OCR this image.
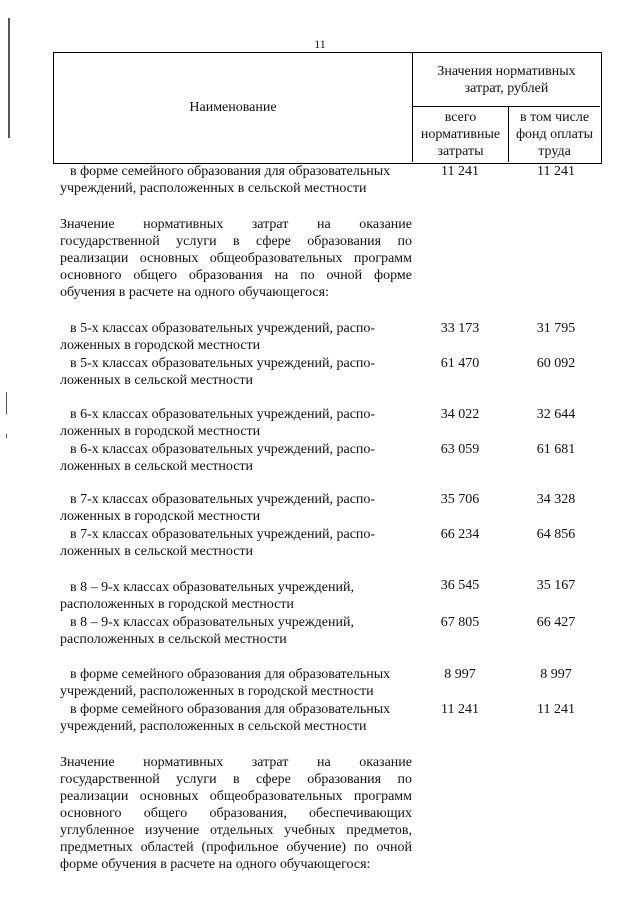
11
Наименование
Значения нормативных
затрат, рублей
всего
нормативные
затраты
в том числе
фонд оплаты
труда
в форме семейного образования для образовательных
учреждений, расположенных в сельской местности
11 241	11 241
Значение нормативных затрат на оказание
государственной услуги в сфере образования по
реализации основных общеобразовательных программ
основного общего образования на по очной форме
обучения в расчете на одного обучающегося:
в 5-х классах образовательных учреждений, распо-
ложенных в городской местности
33 173	31 795
в 5-х классах образовательных учреждений, распо-
ложенных в сельской местности
61 470	60 092
в 6-х классах образовательных учреждений, распо-
ложенных в городской местности
34 022	32 644
в 6-х классах образовательных учреждений, распо-
ложенных в сельской местности
63 059	61 681
в 7-х классах образовательных учреждений, распо-
ложенных в городской местности
35 706	34 328
в 7-х классах образовательных учреждений, распо-
ложенных в сельской местности
66 234	64 856
в 8 – 9-х классах образовательных учреждений,
расположенных в городской местности
36 545	35 167
в 8 – 9-х классах образовательных учреждений,
расположенных в сельской местности
67 805	66 427
в форме семейного образования для образовательных
учреждений, расположенных в городской местности
8 997	8 997
в форме семейного образования для образовательных
учреждений, расположенных в сельской местности
11 241	11 241
Значение нормативных затрат на оказание
государственной услуги в сфере образования по
реализации основных общеобразовательных программ
основного общего образования, обеспечивающих
углубленное изучение отдельных учебных предметов,
предметных областей (профильное обучение) по очной
форме обучения в расчете на одного обучающегося:
